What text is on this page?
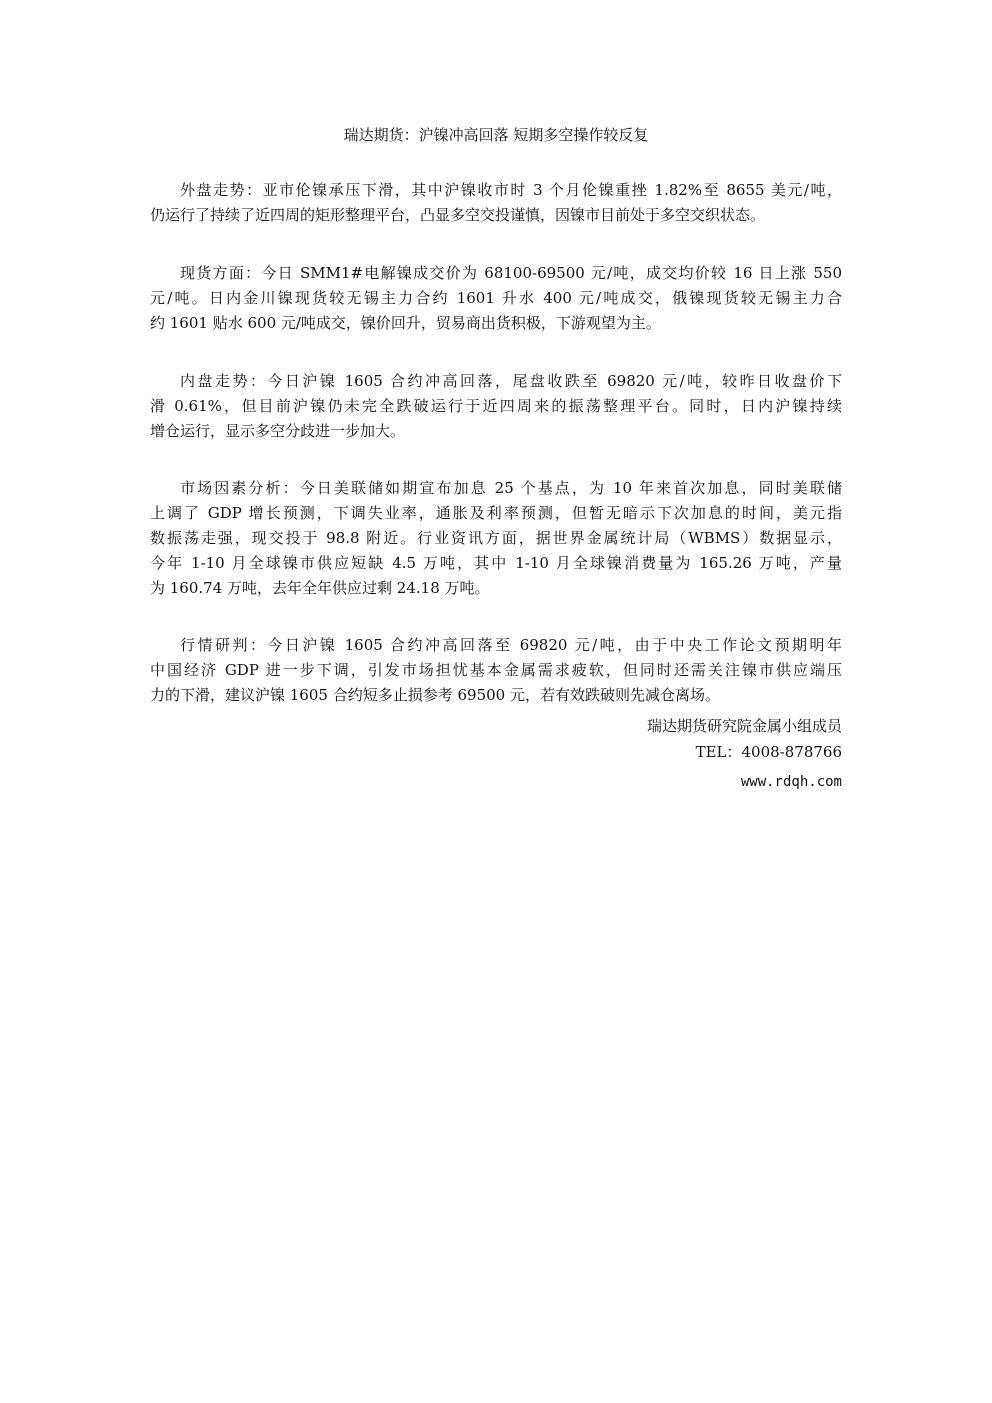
瑞达期货：沪镍冲高回落 短期多空操作较反复
外盘走势：亚市伦镍承压下滑，其中沪镍收市时 3 个月伦镍重挫 1.82%至 8655 美元/吨，
仍运行了持续了近四周的矩形整理平台，凸显多空交投谨慎，因镍市目前处于多空交织状态。
现货方面：今日 SMM1#电解镍成交价为 68100-69500 元/吨，成交均价较 16 日上涨 550
元/吨。日内金川镍现货较无锡主力合约 1601 升水 400 元/吨成交，俄镍现货较无锡主力合
约 1601 贴水 600 元/吨成交，镍价回升，贸易商出货积极，下游观望为主。
内盘走势：今日沪镍 1605 合约冲高回落，尾盘收跌至 69820 元/吨，较昨日收盘价下
滑 0.61%，但目前沪镍仍未完全跌破运行于近四周来的振荡整理平台。同时，日内沪镍持续
增仓运行，显示多空分歧进一步加大。
市场因素分析：今日美联储如期宣布加息 25 个基点，为 10 年来首次加息，同时美联储
上调了 GDP 增长预测，下调失业率，通胀及利率预测，但暂无暗示下次加息的时间，美元指
数振荡走强，现交投于 98.8 附近。行业资讯方面，据世界金属统计局（WBMS）数据显示，
今年 1-10 月全球镍市供应短缺 4.5 万吨，其中 1-10 月全球镍消费量为 165.26 万吨，产量
为 160.74 万吨，去年全年供应过剩 24.18 万吨。
行情研判：今日沪镍 1605 合约冲高回落至 69820 元/吨，由于中央工作论文预期明年
中国经济 GDP 进一步下调，引发市场担忧基本金属需求疲软，但同时还需关注镍市供应端压
力的下滑，建议沪镍 1605 合约短多止损参考 69500 元，若有效跌破则先减仓离场。
瑞达期货研究院金属小组成员
TEL：4008-878766
www.rdqh.com
